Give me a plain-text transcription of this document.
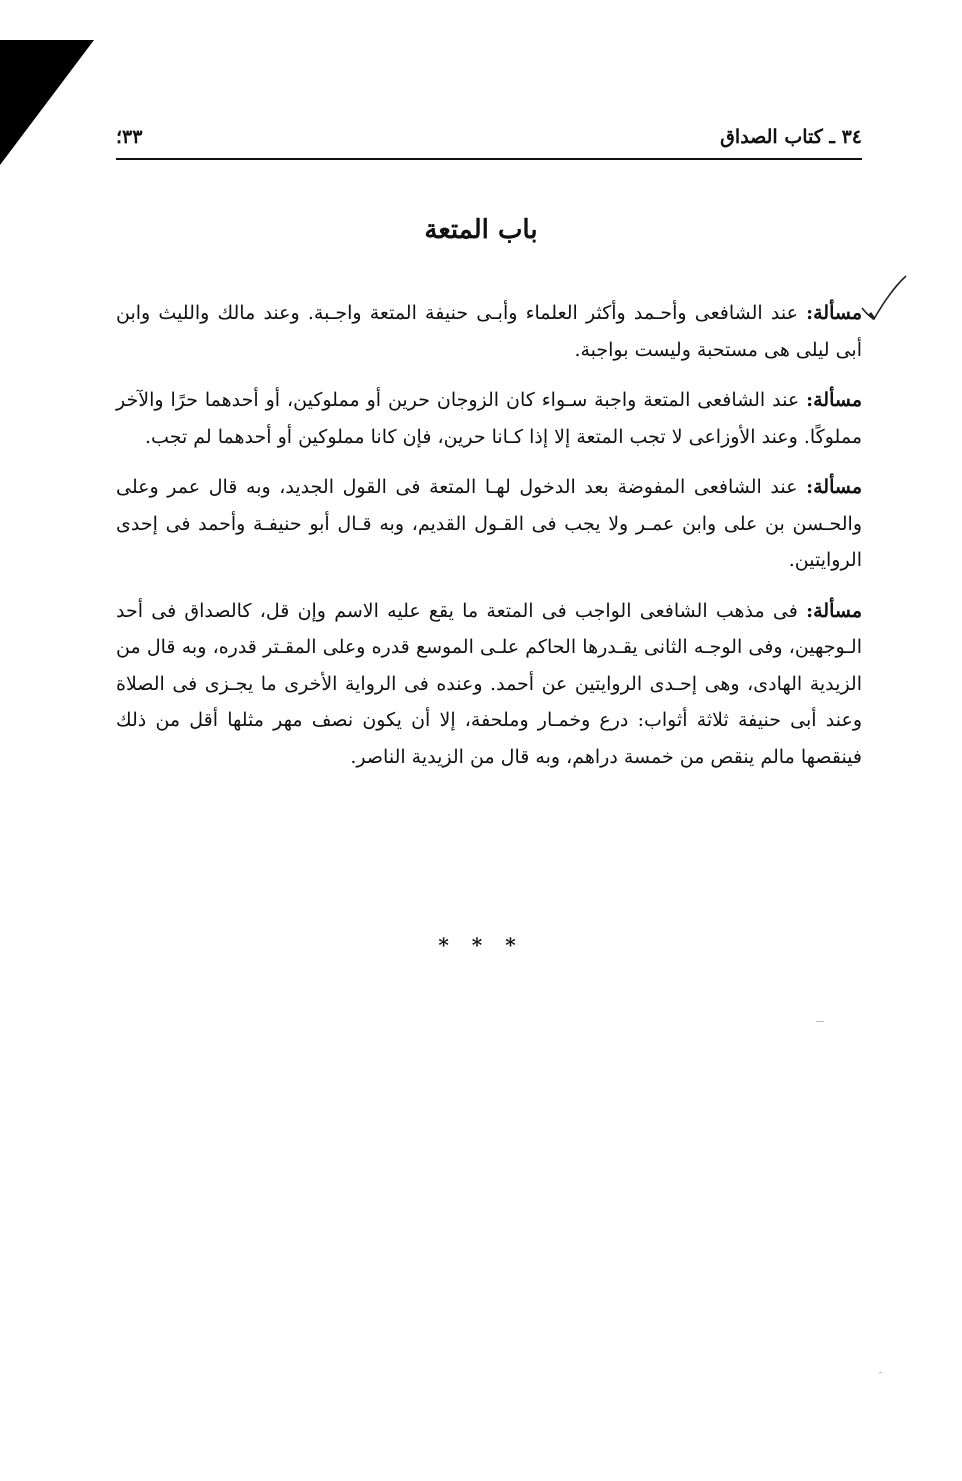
٣٤ ـ كتاب الصداق
٣٣؛
باب المتعة

مسألة: عند الشافعى وأحـمد وأكثر العلماء وأبـى حنيفة المتعة واجـبة. وعند مالك والليث وابن أبى ليلى هى مستحبة وليست بواجبة.

مسألة: عند الشافعى المتعة واجبة سـواء كان الزوجان حرين أو مملوكين، أو أحدهما حرًا والآخر مملوكًا. وعند الأوزاعى لا تجب المتعة إلا إذا كـانا حرين، فإن كانا مملوكين أو أحدهما لم تجب.

مسألة: عند الشافعى المفوضة بعد الدخول لهـا المتعة فى القول الجديد، وبه قال عمر وعلى والحـسن بن على وابن عمـر ولا يجب فى القـول القديم، وبه قـال أبو حنيفـة وأحمد فى إحدى الروايتين.

مسألة: فى مذهب الشافعى الواجب فى المتعة ما يقع عليه الاسم وإن قل، كالصداق فى أحد الـوجهين، وفى الوجـه الثانى يقـدرها الحاكم علـى الموسع قدره وعلى المقـتر قدره، وبه قال من الزيدية الهادى، وهى إحـدى الروايتين عن أحمد. وعنده فى الرواية الأخرى ما يجـزى فى الصلاة وعند أبى حنيفة ثلاثة أثواب: درع وخمـار وملحفة، إلا أن يكون نصف مهر مثلها أقل من ذلك فينقصها مالم ينقص من خمسة دراهم، وبه قال من الزيدية الناصر.

* * *
